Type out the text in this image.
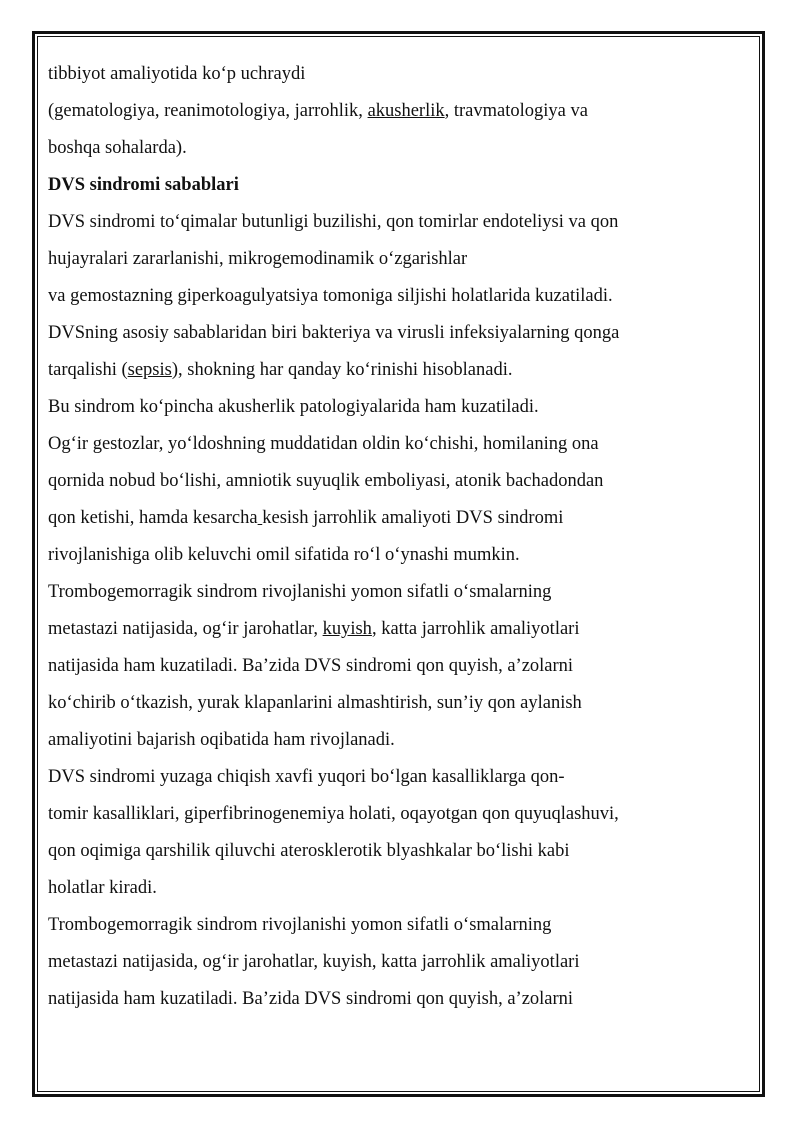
tibbiyot amaliyotida ko‘p uchraydi
(gematologiya, reanimotologiya, jarrohlik, akusherlik, travmatologiya va
boshqa sohalarda).
DVS sindromi sabablari
DVS sindromi to‘qimalar butunligi buzilishi, qon tomirlar endoteliysi va qon
hujayralari zararlanishi, mikrogemodinamik o‘zgarishlar
va gemostazning giperkoagulyatsiya tomoniga siljishi holatlarida kuzatiladi.
DVSning asosiy sabablaridan biri bakteriya va virusli infeksiyalarning qonga
tarqalishi (sepsis), shokning har qanday ko‘rinishi hisoblanadi.
Bu sindrom ko‘pincha akusherlik patologiyalarida ham kuzatiladi.
Og‘ir gestozlar, yo‘ldoshning muddatidan oldin ko‘chishi, homilaning ona
qornida nobud bo‘lishi, amniotik suyuqlik emboliyasi, atonik bachadondan
qon ketishi, hamda kesarcha kesish jarrohlik amaliyoti DVS sindromi
rivojlanishiga olib keluvchi omil sifatida ro‘l o‘ynashi mumkin.
Trombogemorragik sindrom rivojlanishi yomon sifatli o‘smalarning
metastazi natijasida, og‘ir jarohatlar, kuyish, katta jarrohlik amaliyotlari
natijasida ham kuzatiladi. Ba’zida DVS sindromi qon quyish, a’zolarni
ko‘chirib o‘tkazish, yurak klapanlarini almashtirish, sun’iy qon aylanish
amaliyotini bajarish oqibatida ham rivojlanadi.
DVS sindromi yuzaga chiqish xavfi yuqori bo‘lgan kasalliklarga qon-
tomir kasalliklari, giperfibrinogenemiya holati, oqayotgan qon quyuqlashuvi,
qon oqimiga qarshilik qiluvchi aterosklerotik blyashkalar bo‘lishi kabi
holatlar kiradi.
Trombogemorragik sindrom rivojlanishi yomon sifatli o‘smalarning
metastazi natijasida, og‘ir jarohatlar, kuyish, katta jarrohlik amaliyotlari
natijasida ham kuzatiladi. Ba’zida DVS sindromi qon quyish, a’zolarni
